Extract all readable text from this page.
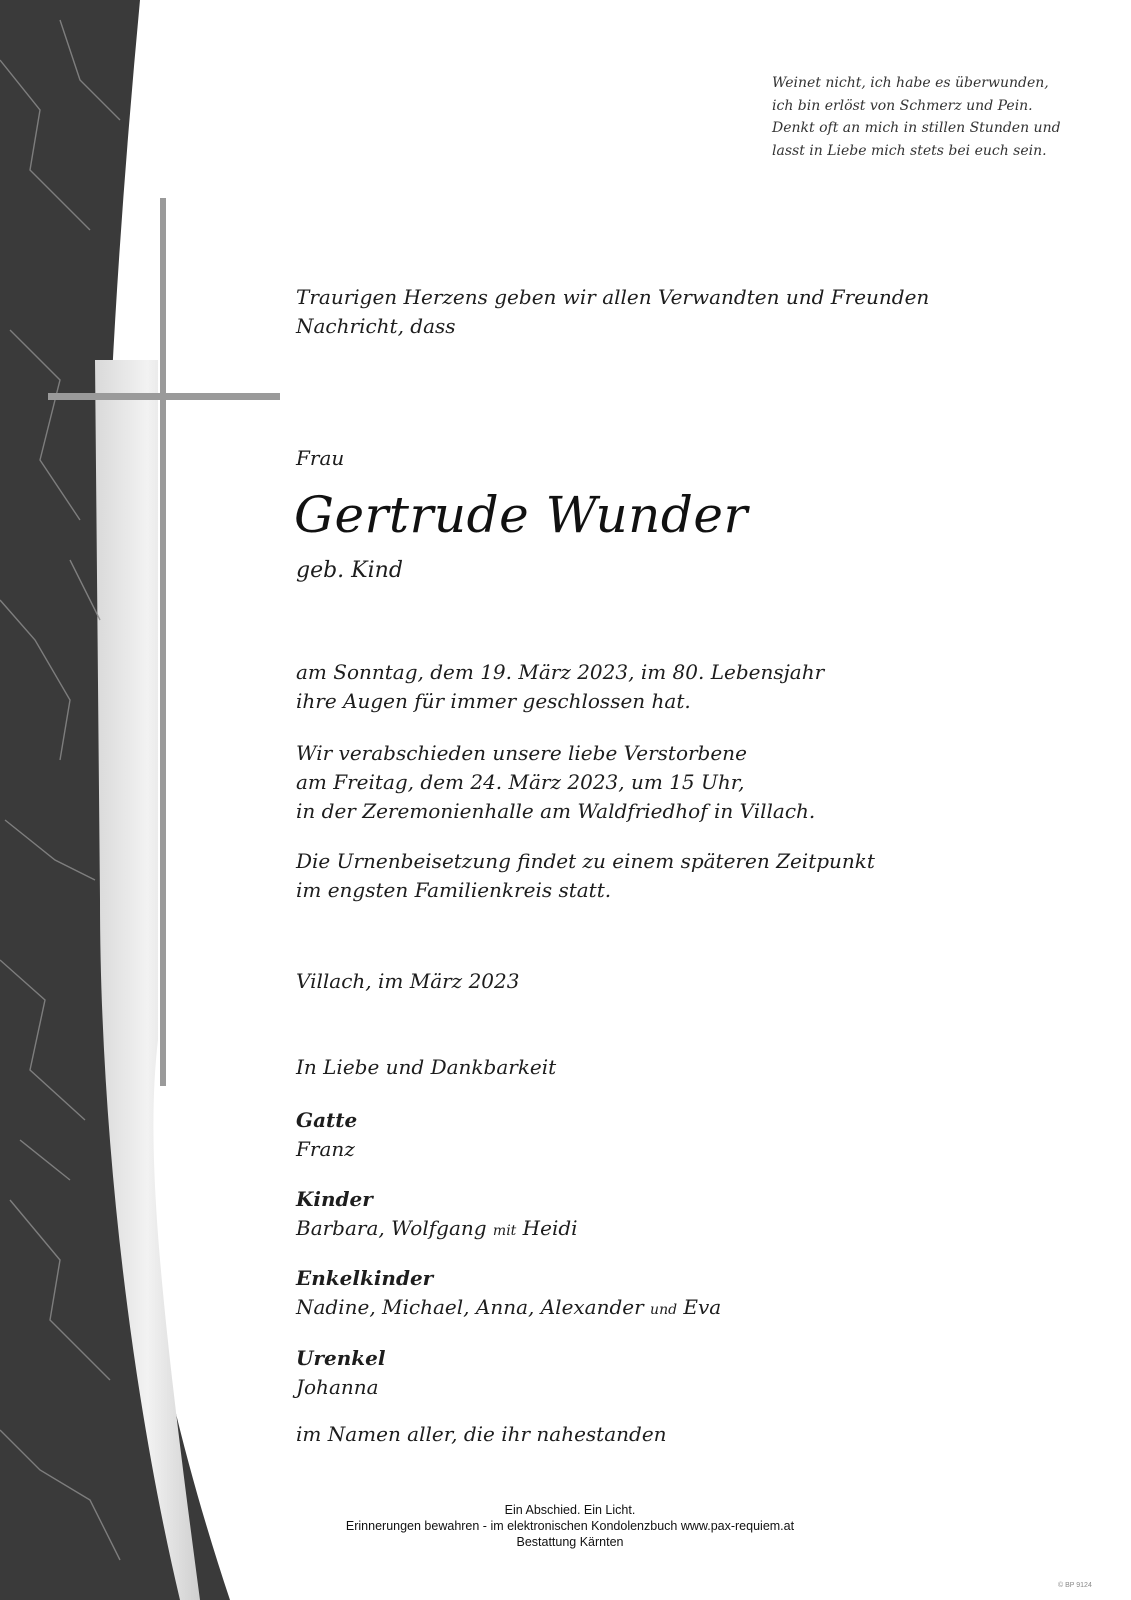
Weinet nicht, ich habe es überwunden,
ich bin erlöst von Schmerz und Pein.
Denkt oft an mich in stillen Stunden und
lasst in Liebe mich stets bei euch sein.
Traurigen Herzens geben wir allen Verwandten und Freunden
Nachricht, dass
Frau
Gertrude Wunder
geb. Kind
am Sonntag, dem 19. März 2023, im 80. Lebensjahr
ihre Augen für immer geschlossen hat.
Wir verabschieden unsere liebe Verstorbene
am Freitag, dem 24. März 2023, um 15 Uhr,
in der Zeremonienhalle am Waldfriedhof in Villach.
Die Urnenbeisetzung findet zu einem späteren Zeitpunkt
im engsten Familienkreis statt.
Villach, im März 2023
In Liebe und Dankbarkeit
Gatte
Franz
Kinder
Barbara, Wolfgang mit Heidi
Enkelkinder
Nadine, Michael, Anna, Alexander und Eva
Urenkel
Johanna
im Namen aller, die ihr nahestanden
Ein Abschied. Ein Licht.
Erinnerungen bewahren - im elektronischen Kondolenzbuch www.pax-requiem.at
Bestattung Kärnten
© BP 9124
